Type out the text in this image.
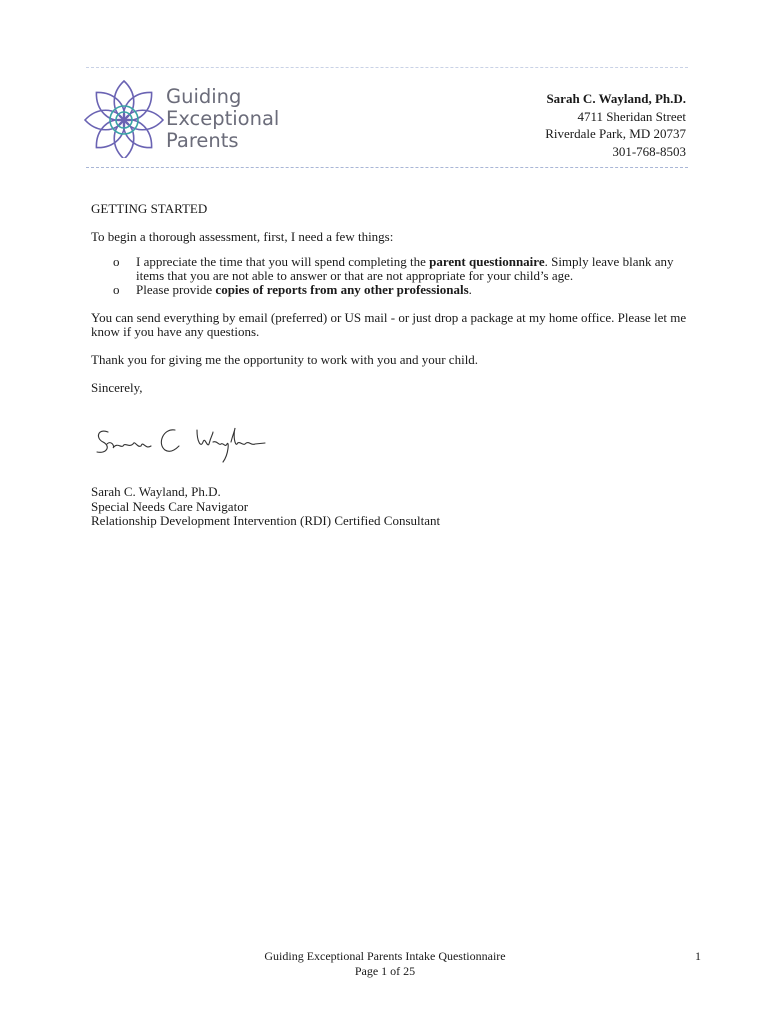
Guiding
Exceptional
Parents
Sarah C. Wayland, Ph.D.
4711 Sheridan Street
Riverdale Park, MD 20737
301-768-8503

GETTING STARTED

To begin a thorough assessment, first, I need a few things:

o I appreciate the time that you will spend completing the parent questionnaire. Simply leave blank any items that you are not able to answer or that are not appropriate for your child’s age.
o Please provide copies of reports from any other professionals.

You can send everything by email (preferred) or US mail - or just drop a package at my home office. Please let me know if you have any questions.

Thank you for giving me the opportunity to work with you and your child.

Sincerely,

Sarah C. Wayland, Ph.D.
Special Needs Care Navigator
Relationship Development Intervention (RDI) Certified Consultant
Guiding Exceptional Parents Intake Questionnaire
Page 1 of 25
1
